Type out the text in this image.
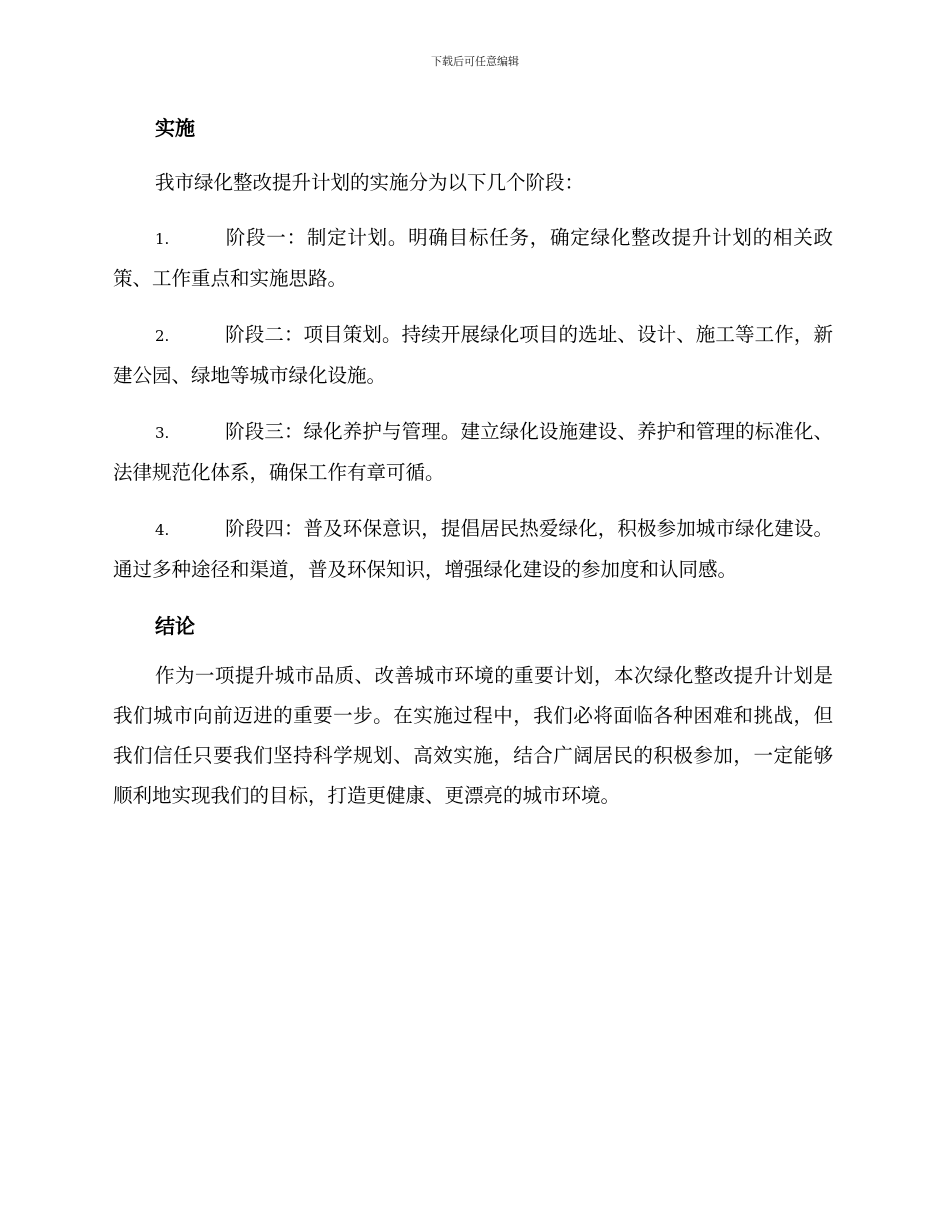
下载后可任意编辑
实施

我市绿化整改提升计划的实施分为以下几个阶段：

1.	阶段一：制定计划。明确目标任务，确定绿化整改提升计划的相关政策、工作重点和实施思路。

2.	阶段二：项目策划。持续开展绿化项目的选址、设计、施工等工作，新建公园、绿地等城市绿化设施。

3.	阶段三：绿化养护与管理。建立绿化设施建设、养护和管理的标准化、法律规范化体系，确保工作有章可循。

4.	阶段四：普及环保意识，提倡居民热爱绿化，积极参加城市绿化建设。通过多种途径和渠道，普及环保知识，增强绿化建设的参加度和认同感。

结论

作为一项提升城市品质、改善城市环境的重要计划，本次绿化整改提升计划是我们城市向前迈进的重要一步。在实施过程中，我们必将面临各种困难和挑战，但我们信任只要我们坚持科学规划、高效实施，结合广阔居民的积极参加，一定能够顺利地实现我们的目标，打造更健康、更漂亮的城市环境。
